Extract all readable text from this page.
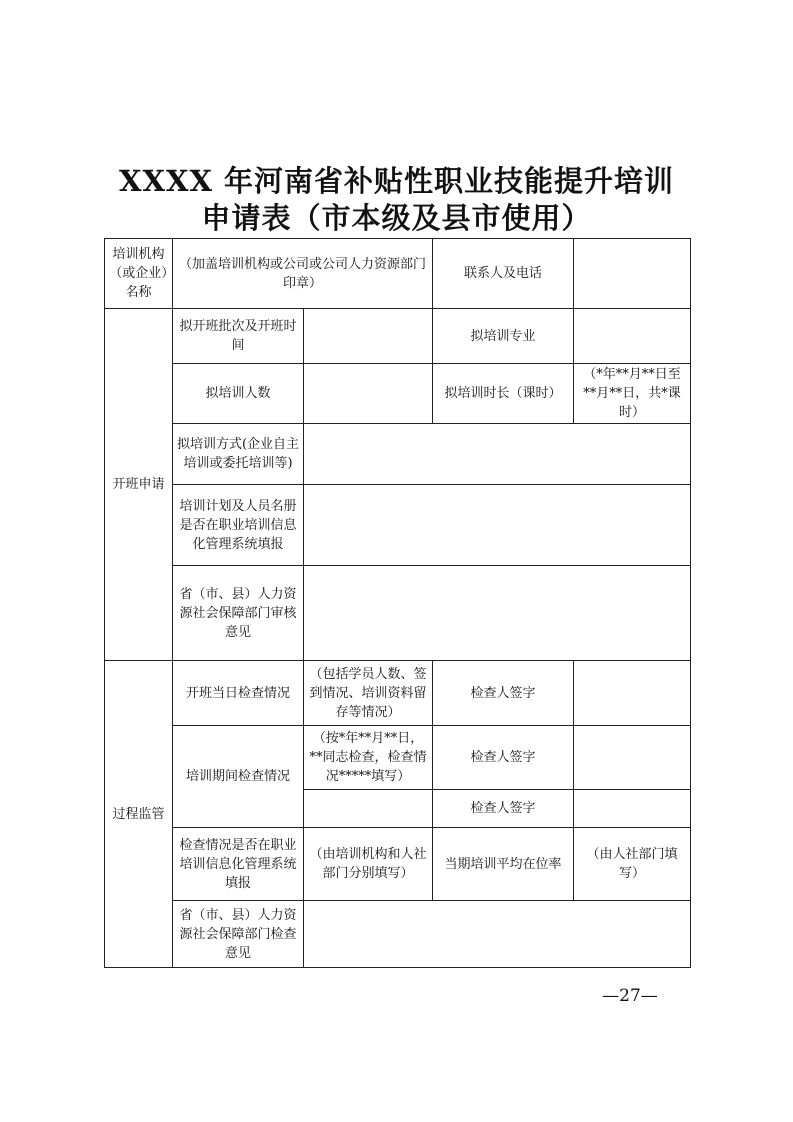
XXXX 年河南省补贴性职业技能提升培训
申请表（市本级及县市使用）
培训机构（或企业）名称	（加盖培训机构或公司或公司人力资源部门印章）		联系人及电话	
开班申请	拟开班批次及开班时间		拟培训专业	
	拟培训人数		拟培训时长（课时）	（*年**月**日至**月**日，共*课时）
	拟培训方式(企业自主培训或委托培训等)			
	培训计划及人员名册是否在职业培训信息化管理系统填报			
	省（市、县）人力资源社会保障部门审核意见			
过程监管	开班当日检查情况	（包括学员人数、签到情况、培训资料留存等情况）	检查人签字	
	培训期间检查情况	（按*年**月**日，**同志检查，检查情况*****填写）	检查人签字	
			检查人签字	
	检查情况是否在职业培训信息化管理系统填报	（由培训机构和人社部门分别填写）	当期培训平均在位率	（由人社部门填写）
	省（市、县）人力资源社会保障部门检查意见			
—27—
